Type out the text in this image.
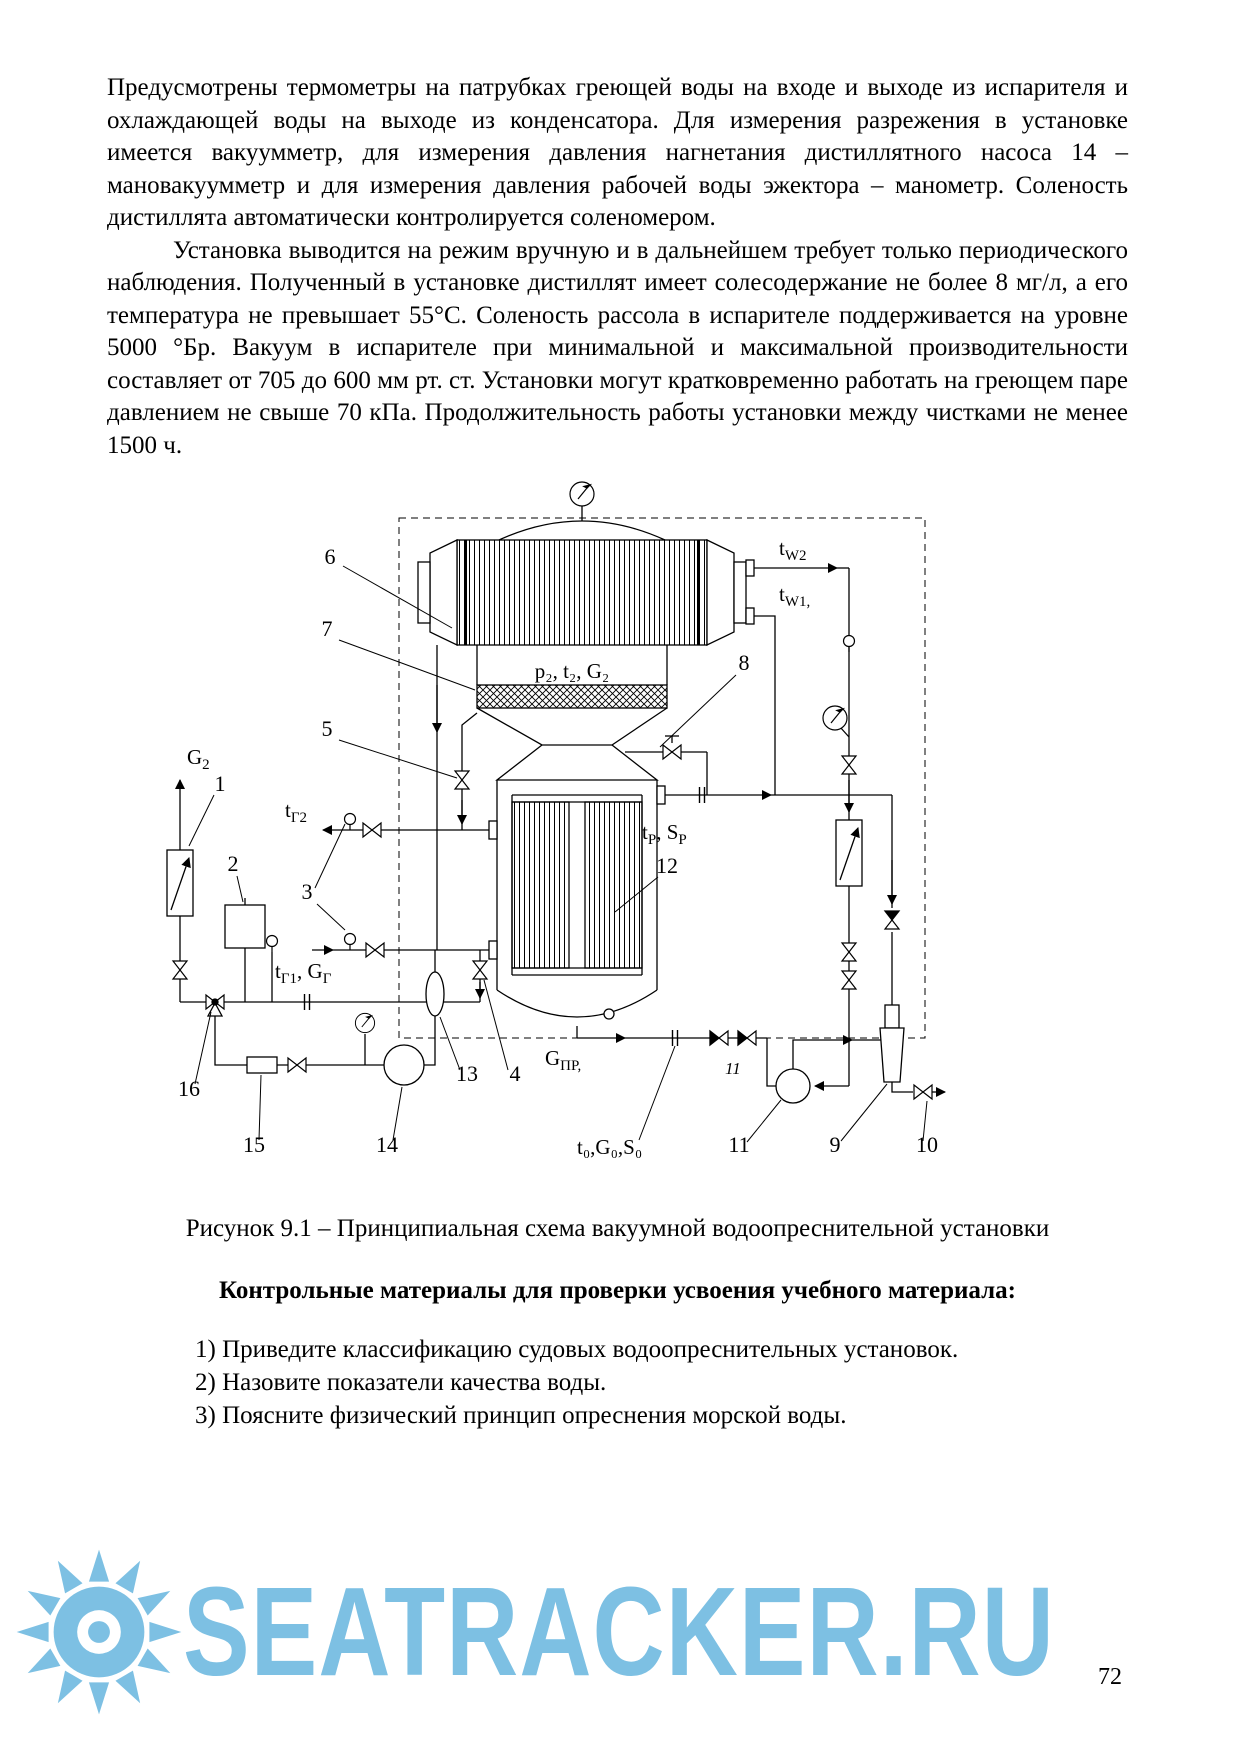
Предусмотрены термометры на патрубках греющей воды на входе и выходе из испарителя и охлаждающей воды на выходе из конденсатора. Для измерения разрежения в установке имеется вакуумметр, для измерения давления нагнетания дистиллятного насоса 14 – мановакуумметр и для измерения давления рабочей воды эжектора – манометр. Соленость дистиллята автоматически контролируется соленомером.

Установка выводится на режим вручную и в дальнейшем требует только периодического наблюдения. Полученный в установке дистиллят имеет солесодержание не более 8 мг/л, а его температура не превышает 55°С. Соленость рассола в испарителе поддерживается на уровне 5000 °Бр. Вакуум в испарителе при минимальной и максимальной производительности составляет от 705 до 600 мм рт. ст. Установки могут кратковременно работать на греющем паре давлением не свыше 70 кПа. Продолжительность работы установки между чистками не менее 1500 ч.

6
7
5
1
2
3
16
15	14
13 4
12
8
9	10
11
11
$G_2$
$t_{Г2}$
$t_{Г1}$, $G_Г$
$t_{W2}$
$t_{W1,}$
$t_Р$, $S_Р$
$G_{ПР,}$
p₂, t₂, G₂
t₀,G₀,S₀
Рисунок 9.1 – Принципиальная схема вакуумной водоопреснительной установки

Контрольные материалы для проверки усвоения учебного материала:

1) Приведите классификацию судовых водоопреснительных установок.
2) Назовите показатели качества воды.
3) Поясните физический принцип опреснения морской воды.
72
SEATRACKER.RU
